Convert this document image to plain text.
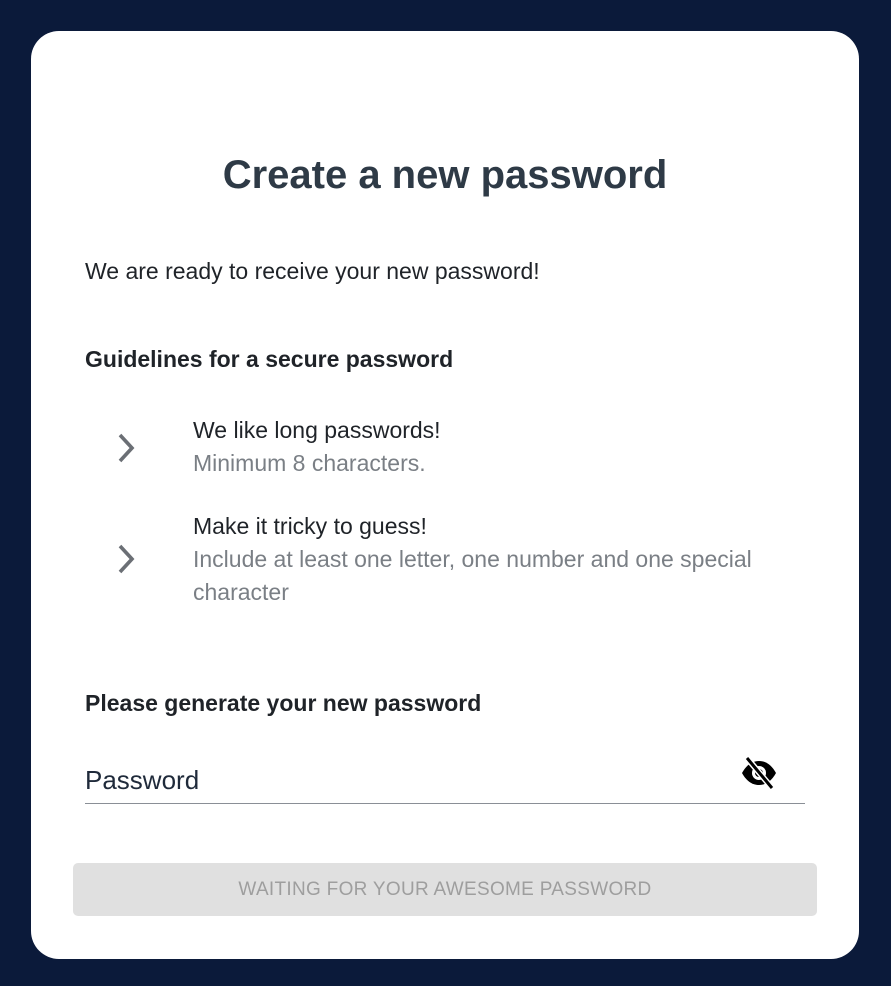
Create a new password
We are ready to receive your new password!
Guidelines for a secure password
We like long passwords!
Minimum 8 characters.
Make it tricky to guess!
Include at least one letter, one number and one special character
Please generate your new password
WAITING FOR YOUR AWESOME PASSWORD
